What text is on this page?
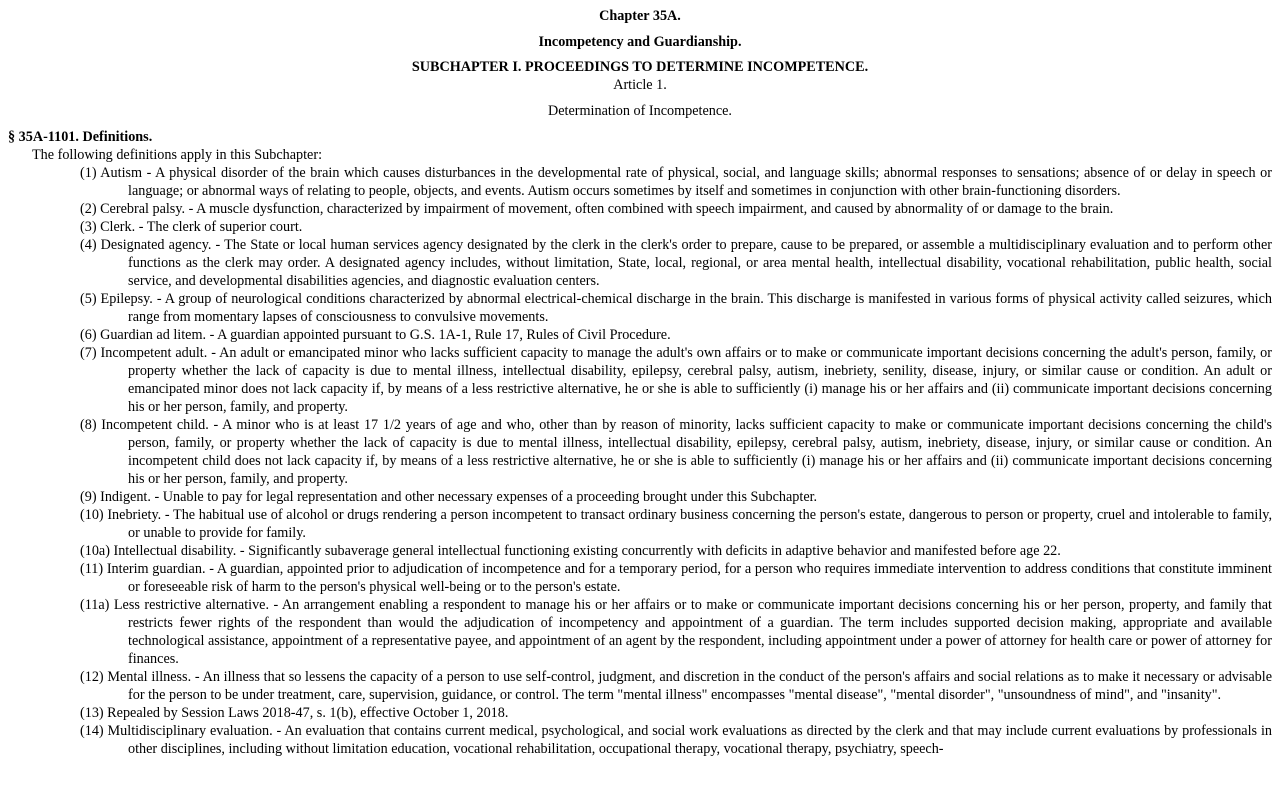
Chapter 35A.
Incompetency and Guardianship.
SUBCHAPTER I. PROCEEDINGS TO DETERMINE INCOMPETENCE.
Article 1.
Determination of Incompetence.
§ 35A-1101. Definitions.
The following definitions apply in this Subchapter:
(1) Autism - A physical disorder of the brain which causes disturbances in the developmental rate of physical, social, and language skills; abnormal responses to sensations; absence of or delay in speech or language; or abnormal ways of relating to people, objects, and events. Autism occurs sometimes by itself and sometimes in conjunction with other brain-functioning disorders.
(2) Cerebral palsy. - A muscle dysfunction, characterized by impairment of movement, often combined with speech impairment, and caused by abnormality of or damage to the brain.
(3) Clerk. - The clerk of superior court.
(4) Designated agency. - The State or local human services agency designated by the clerk in the clerk's order to prepare, cause to be prepared, or assemble a multidisciplinary evaluation and to perform other functions as the clerk may order. A designated agency includes, without limitation, State, local, regional, or area mental health, intellectual disability, vocational rehabilitation, public health, social service, and developmental disabilities agencies, and diagnostic evaluation centers.
(5) Epilepsy. - A group of neurological conditions characterized by abnormal electrical-chemical discharge in the brain. This discharge is manifested in various forms of physical activity called seizures, which range from momentary lapses of consciousness to convulsive movements.
(6) Guardian ad litem. - A guardian appointed pursuant to G.S. 1A-1, Rule 17, Rules of Civil Procedure.
(7) Incompetent adult. - An adult or emancipated minor who lacks sufficient capacity to manage the adult's own affairs or to make or communicate important decisions concerning the adult's person, family, or property whether the lack of capacity is due to mental illness, intellectual disability, epilepsy, cerebral palsy, autism, inebriety, senility, disease, injury, or similar cause or condition. An adult or emancipated minor does not lack capacity if, by means of a less restrictive alternative, he or she is able to sufficiently (i) manage his or her affairs and (ii) communicate important decisions concerning his or her person, family, and property.
(8) Incompetent child. - A minor who is at least 17 1/2 years of age and who, other than by reason of minority, lacks sufficient capacity to make or communicate important decisions concerning the child's person, family, or property whether the lack of capacity is due to mental illness, intellectual disability, epilepsy, cerebral palsy, autism, inebriety, disease, injury, or similar cause or condition. An incompetent child does not lack capacity if, by means of a less restrictive alternative, he or she is able to sufficiently (i) manage his or her affairs and (ii) communicate important decisions concerning his or her person, family, and property.
(9) Indigent. - Unable to pay for legal representation and other necessary expenses of a proceeding brought under this Subchapter.
(10) Inebriety. - The habitual use of alcohol or drugs rendering a person incompetent to transact ordinary business concerning the person's estate, dangerous to person or property, cruel and intolerable to family, or unable to provide for family.
(10a) Intellectual disability. - Significantly subaverage general intellectual functioning existing concurrently with deficits in adaptive behavior and manifested before age 22.
(11) Interim guardian. - A guardian, appointed prior to adjudication of incompetence and for a temporary period, for a person who requires immediate intervention to address conditions that constitute imminent or foreseeable risk of harm to the person's physical well-being or to the person's estate.
(11a) Less restrictive alternative. - An arrangement enabling a respondent to manage his or her affairs or to make or communicate important decisions concerning his or her person, property, and family that restricts fewer rights of the respondent than would the adjudication of incompetency and appointment of a guardian. The term includes supported decision making, appropriate and available technological assistance, appointment of a representative payee, and appointment of an agent by the respondent, including appointment under a power of attorney for health care or power of attorney for finances.
(12) Mental illness. - An illness that so lessens the capacity of a person to use self-control, judgment, and discretion in the conduct of the person's affairs and social relations as to make it necessary or advisable for the person to be under treatment, care, supervision, guidance, or control. The term "mental illness" encompasses "mental disease", "mental disorder", "unsoundness of mind", and "insanity".
(13) Repealed by Session Laws 2018-47, s. 1(b), effective October 1, 2018.
(14) Multidisciplinary evaluation. - An evaluation that contains current medical, psychological, and social work evaluations as directed by the clerk and that may include current evaluations by professionals in other disciplines, including without limitation education, vocational rehabilitation, occupational therapy, vocational therapy, psychiatry, speech-
